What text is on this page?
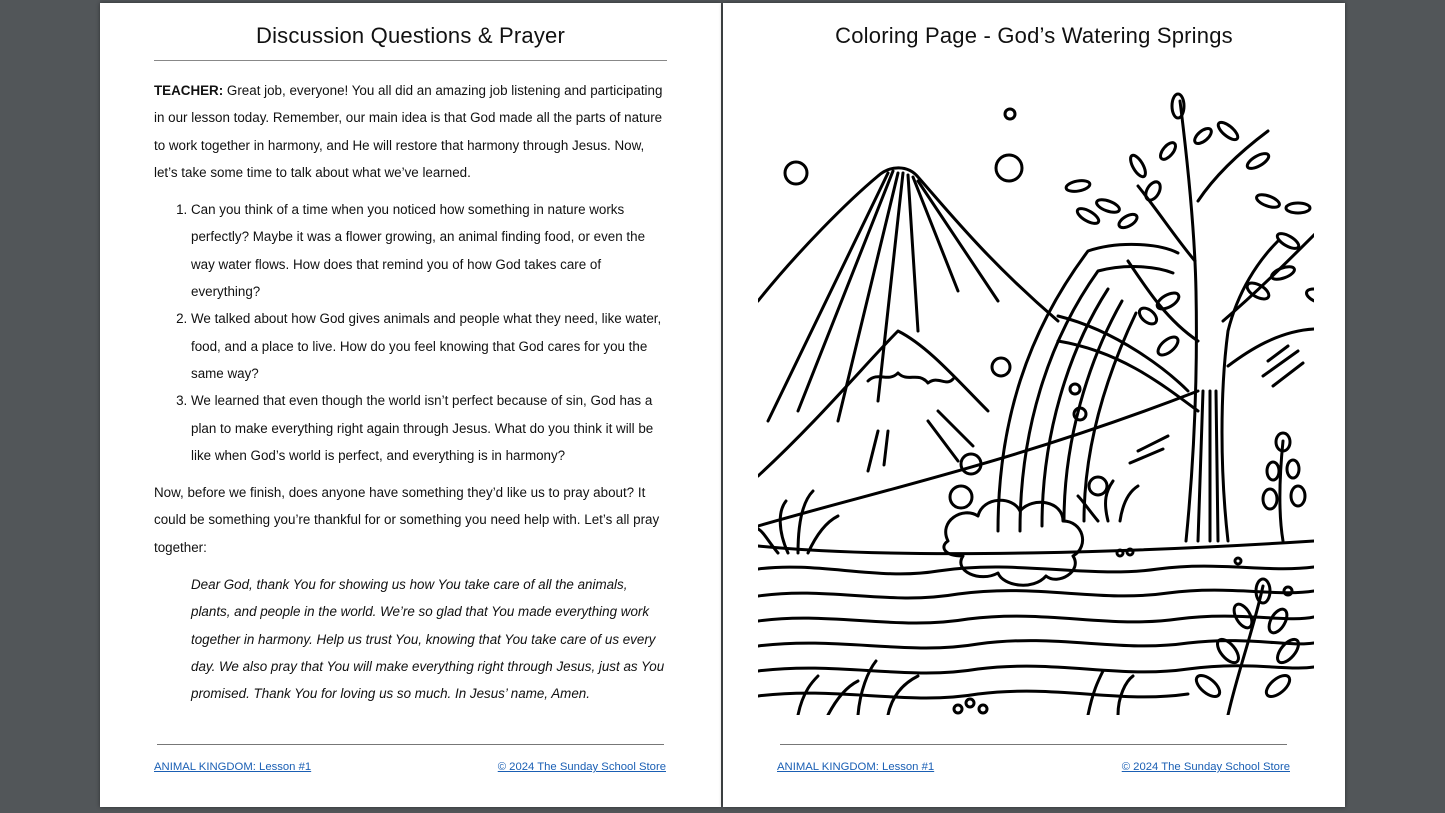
Discussion Questions & Prayer

TEACHER: Great job, everyone! You all did an amazing job listening and participating in our lesson today. Remember, our main idea is that God made all the parts of nature to work together in harmony, and He will restore that harmony through Jesus. Now, let’s take some time to talk about what we’ve learned.

1. Can you think of a time when you noticed how something in nature works perfectly? Maybe it was a flower growing, an animal finding food, or even the way water flows. How does that remind you of how God takes care of everything?
2. We talked about how God gives animals and people what they need, like water, food, and a place to live. How do you feel knowing that God cares for you the same way?
3. We learned that even though the world isn’t perfect because of sin, God has a plan to make everything right again through Jesus. What do you think it will be like when God’s world is perfect, and everything is in harmony?

Now, before we finish, does anyone have something they’d like us to pray about? It could be something you’re thankful for or something you need help with. Let’s all pray together:

Dear God, thank You for showing us how You take care of all the animals, plants, and people in the world. We’re so glad that You made everything work together in harmony. Help us trust You, knowing that You take care of us every day. We also pray that You will make everything right through Jesus, just as You promised. Thank You for loving us so much. In Jesus’ name, Amen.

ANIMAL KINGDOM: Lesson #1	© 2024 The Sunday School Store
Coloring Page - God’s Watering Springs
ANIMAL KINGDOM: Lesson #1	© 2024 The Sunday School Store
